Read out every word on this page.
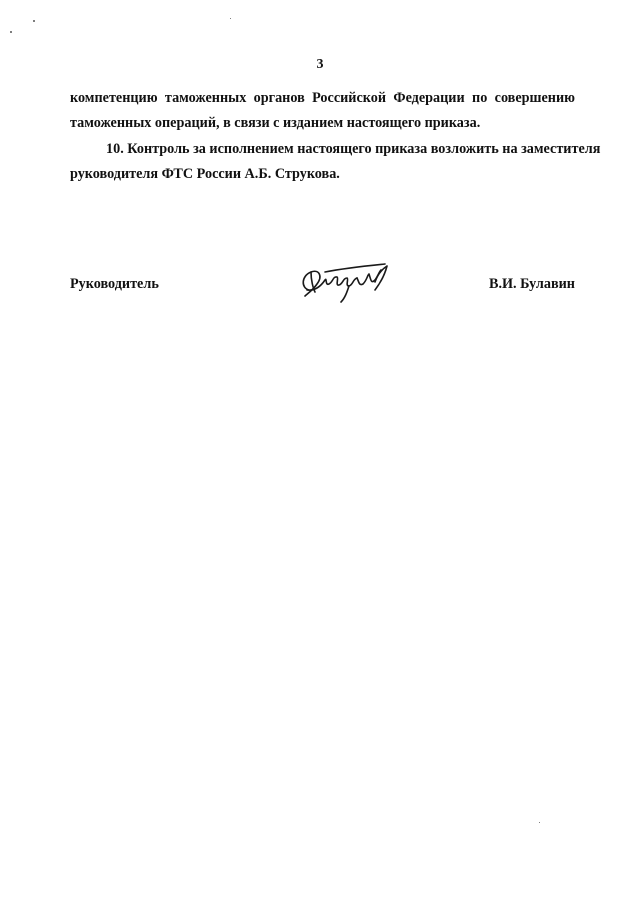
3
компетенцию таможенных органов Российской Федерации по совершению
таможенных операций, в связи с изданием настоящего приказа.
10. Контроль за исполнением настоящего приказа возложить на заместителя
руководителя ФТС России А.Б. Струкова.
Руководитель	В.И. Булавин
